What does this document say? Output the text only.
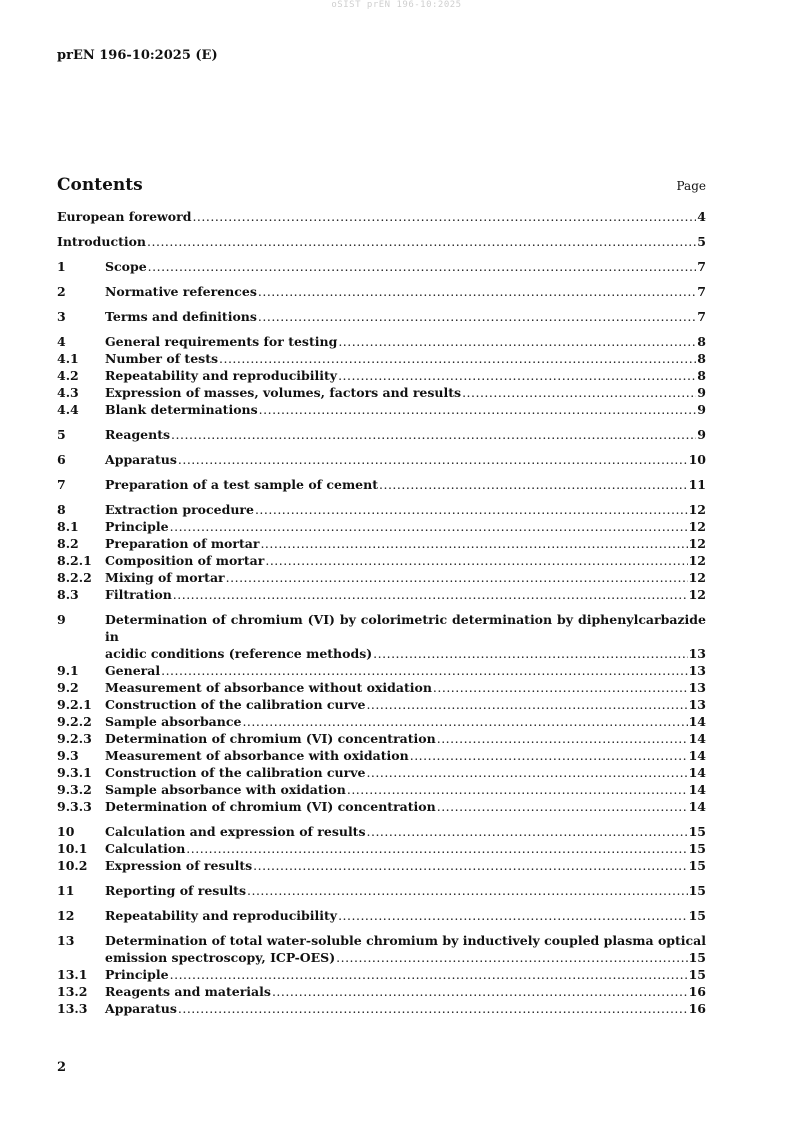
oSIST prEN 196-10:2025
prEN 196-10:2025 (E)
Contents	Page
European foreword .....	4
Introduction .....	5
1	Scope .....	7
2	Normative references .....	7
3	Terms and definitions .....	7
4	General requirements for testing .....	8
4.1 Number of tests .....	8
4.2 Repeatability and reproducibility .....	8
4.3 Expression of masses, volumes, factors and results .....	9
4.4 Blank determinations .....	9
5	Reagents .....	9
6	Apparatus .....	10
7	Preparation of a test sample of cement .....	11
8	Extraction procedure .....	12
8.1 Principle .....	12
8.2 Preparation of mortar .....	12
8.2.1 Composition of mortar .....	12
8.2.2 Mixing of mortar .....	12
8.3 Filtration .....	12
9	Determination of chromium (VI) by colorimetric determination by diphenylcarbazide in
acidic conditions (reference methods) .....	13
9.1 General .....	13
9.2 Measurement of absorbance without oxidation .....	13
9.2.1 Construction of the calibration curve .....	13
9.2.2 Sample absorbance .....	14
9.2.3 Determination of chromium (VI) concentration .....	14
9.3 Measurement of absorbance with oxidation .....	14
9.3.1 Construction of the calibration curve .....	14
9.3.2 Sample absorbance with oxidation .....	14
9.3.3 Determination of chromium (VI) concentration .....	14
10 Calculation and expression of results .....	15
10.1 Calculation .....	15
10.2 Expression of results .....	15
11 Reporting of results .....	15
12 Repeatability and reproducibility .....	15
13 Determination of total water-soluble chromium by inductively coupled plasma optical
emission spectroscopy, ICP-OES) .....	15
13.1 Principle .....	15
13.2 Reagents and materials .....	16
13.3 Apparatus .....	16
2
